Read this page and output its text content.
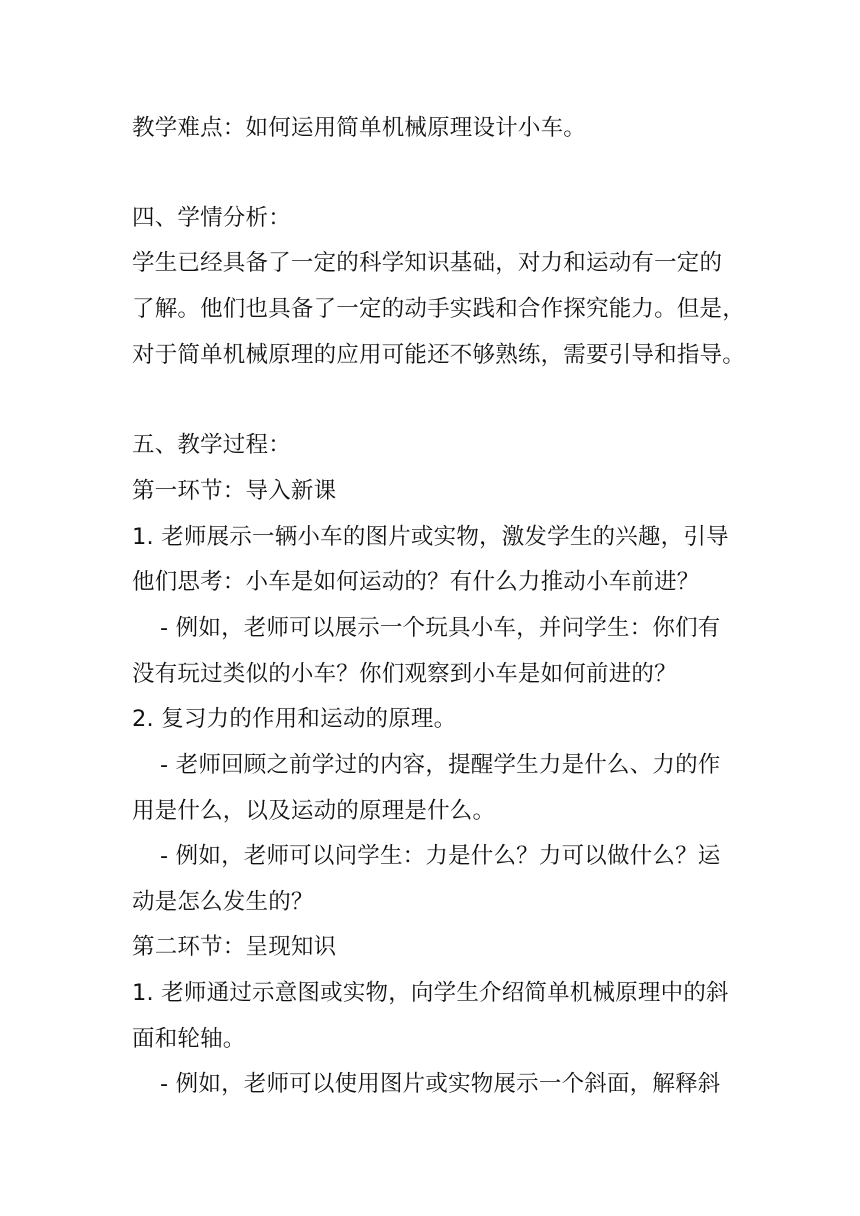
教学难点：如何运用简单机械原理设计小车。
四、学情分析：
学生已经具备了一定的科学知识基础，对力和运动有一定的
了解。他们也具备了一定的动手实践和合作探究能力。但是，
对于简单机械原理的应用可能还不够熟练，需要引导和指导。
五、教学过程：
第一环节：导入新课
1. 老师展示一辆小车的图片或实物，激发学生的兴趣，引导
他们思考：小车是如何运动的？有什么力推动小车前进？
- 例如，老师可以展示一个玩具小车，并问学生：你们有
没有玩过类似的小车？你们观察到小车是如何前进的？
2. 复习力的作用和运动的原理。
- 老师回顾之前学过的内容，提醒学生力是什么、力的作
用是什么，以及运动的原理是什么。
- 例如，老师可以问学生：力是什么？力可以做什么？运
动是怎么发生的？
第二环节：呈现知识
1. 老师通过示意图或实物，向学生介绍简单机械原理中的斜
面和轮轴。
- 例如，老师可以使用图片或实物展示一个斜面，解释斜
